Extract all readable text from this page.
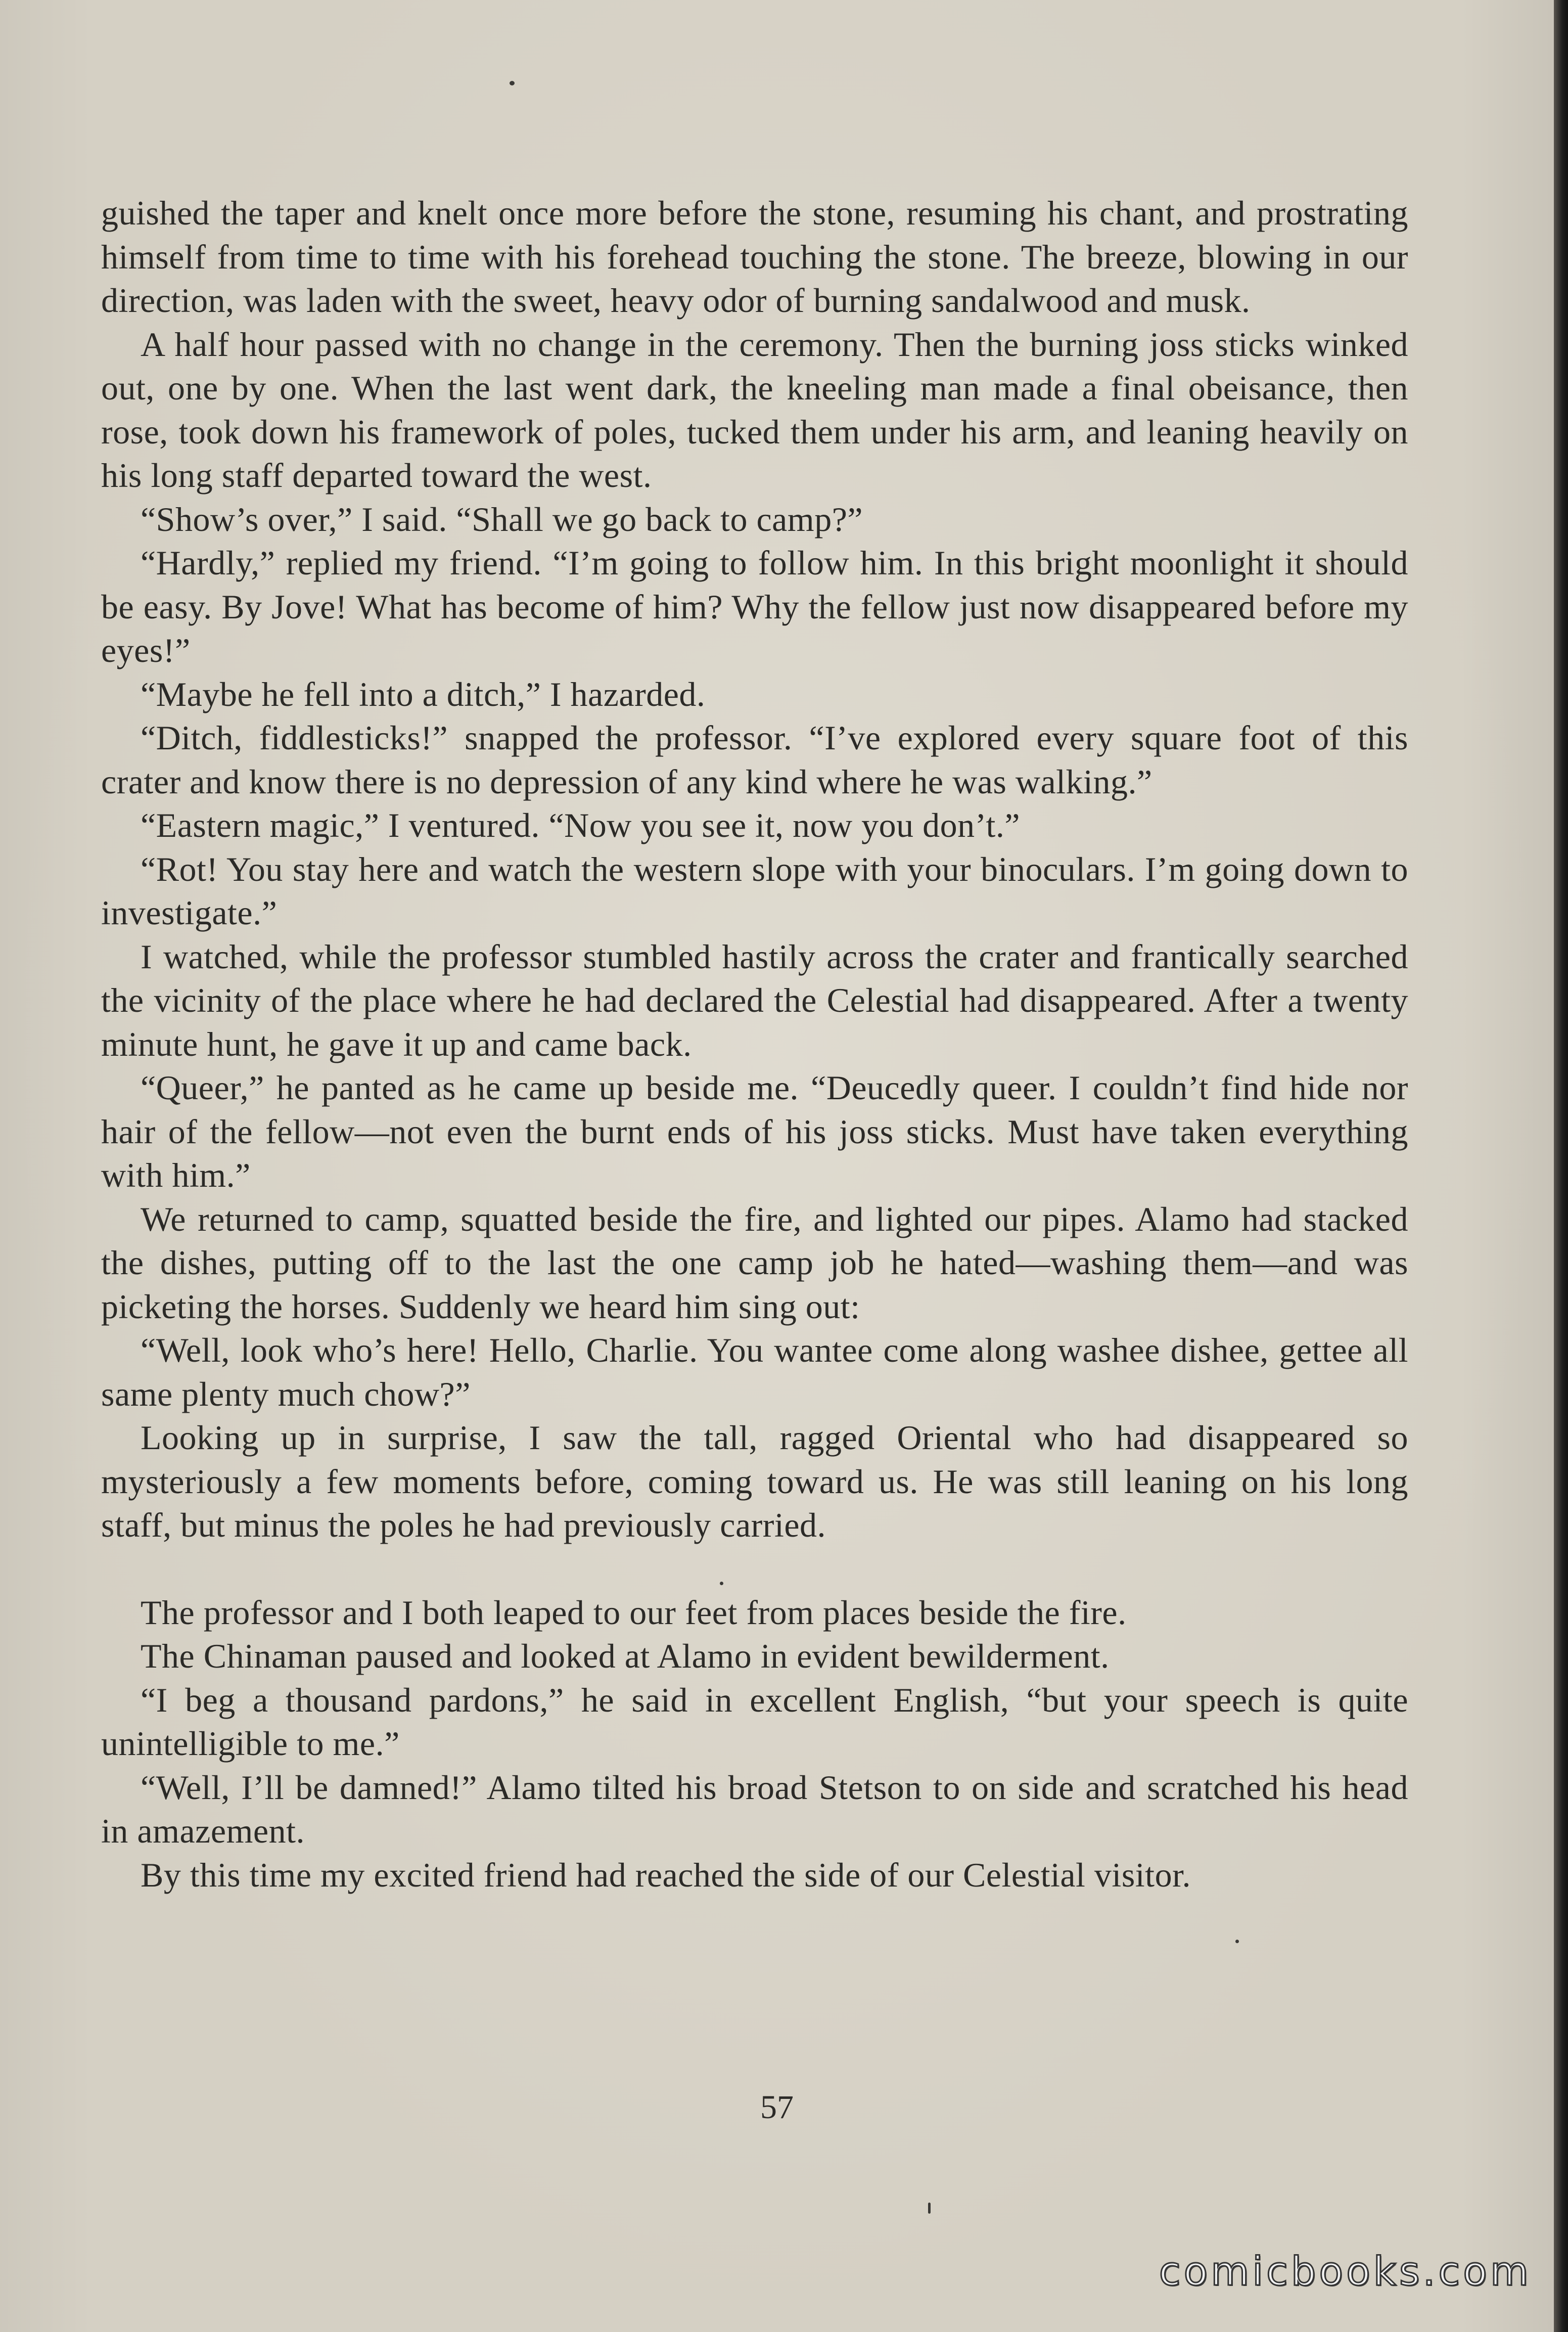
guished the taper and knelt once more before the stone, resuming his chant, and prostrating himself from time to time with his forehead touching the stone. The breeze, blowing in our direction, was laden with the sweet, heavy odor of burning sandalwood and musk.

A half hour passed with no change in the ceremony. Then the burning joss sticks winked out, one by one. When the last went dark, the kneeling man made a final obeisance, then rose, took down his framework of poles, tucked them under his arm, and leaning heavily on his long staff departed toward the west.

“Show’s over,” I said. “Shall we go back to camp?”

“Hardly,” replied my friend. “I’m going to follow him. In this bright moonlight it should be easy. By Jove! What has become of him? Why the fellow just now disappeared before my eyes!”

“Maybe he fell into a ditch,” I hazarded.

“Ditch, fiddlesticks!” snapped the professor. “I’ve explored every square foot of this crater and know there is no depression of any kind where he was walking.”

“Eastern magic,” I ventured. “Now you see it, now you don’t.”

“Rot! You stay here and watch the western slope with your binoculars. I’m going down to investigate.”

I watched, while the professor stumbled hastily across the crater and frantically searched the vicinity of the place where he had declared the Celestial had disappeared. After a twenty minute hunt, he gave it up and came back.

“Queer,” he panted as he came up beside me. “Deucedly queer. I couldn’t find hide nor hair of the fellow—not even the burnt ends of his joss sticks. Must have taken everything with him.”

We returned to camp, squatted beside the fire, and lighted our pipes. Alamo had stacked the dishes, putting off to the last the one camp job he hated—washing them—and was picketing the horses. Suddenly we heard him sing out:

“Well, look who’s here! Hello, Charlie. You wantee come along washee dishee, gettee all same plenty much chow?”

Looking up in surprise, I saw the tall, ragged Oriental who had disappeared so mysteriously a few moments before, coming toward us. He was still leaning on his long staff, but minus the poles he had previously carried.

The professor and I both leaped to our feet from places beside the fire.

The Chinaman paused and looked at Alamo in evident bewilderment.

“I beg a thousand pardons,” he said in excellent English, “but your speech is quite unintelligible to me.”

“Well, I’ll be damned!” Alamo tilted his broad Stetson to on side and scratched his head in amazement.

By this time my excited friend had reached the side of our Celestial visitor.

57
comicbooks.com
